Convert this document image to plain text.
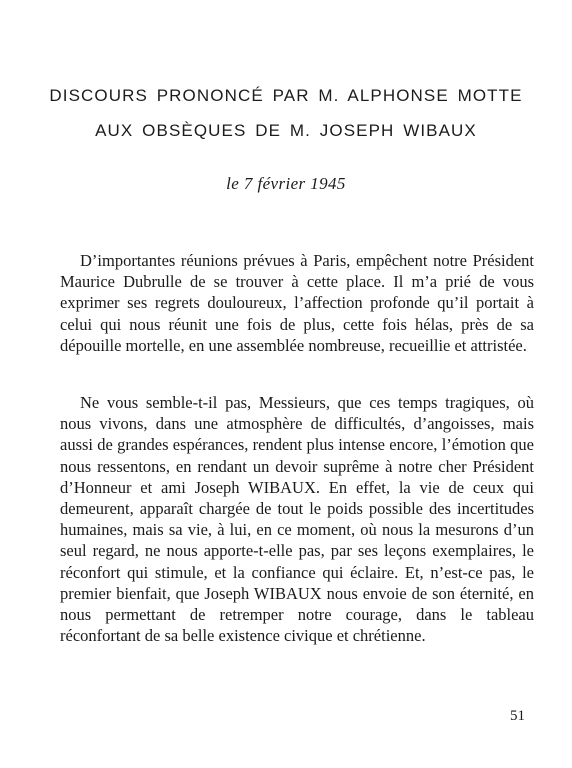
DISCOURS PRONONCÉ PAR M. ALPHONSE MOTTE
AUX OBSÈQUES DE M. JOSEPH WIBAUX
le 7 février 1945

D’importantes réunions prévues à Paris, empêchent notre Président Maurice Dubrulle de se trouver à cette place. Il m’a prié de vous exprimer ses regrets douloureux, l’affection profonde qu’il portait à celui qui nous réunit une fois de plus, cette fois hélas, près de sa dépouille mortelle, en une assemblée nombreuse, recueillie et attristée.

Ne vous semble-t-il pas, Messieurs, que ces temps tragiques, où nous vivons, dans une atmosphère de difficultés, d’angoisses, mais aussi de grandes espérances, rendent plus intense encore, l’émotion que nous ressentons, en rendant un devoir suprême à notre cher Président d’Honneur et ami Joseph WIBAUX. En effet, la vie de ceux qui demeurent, apparaît chargée de tout le poids possible des incertitudes humaines, mais sa vie, à lui, en ce moment, où nous la mesurons d’un seul regard, ne nous apporte-t-elle pas, par ses leçons exemplaires, le réconfort qui stimule, et la confiance qui éclaire. Et, n’est-ce pas, le premier bienfait, que Joseph WIBAUX nous envoie de son éternité, en nous permettant de retremper notre courage, dans le tableau réconfortant de sa belle existence civique et chrétienne.

51
